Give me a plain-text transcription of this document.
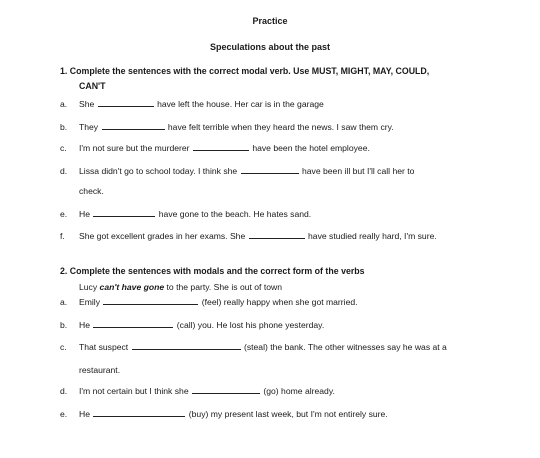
Practice
Speculations about the past
1. Complete the sentences with the correct modal verb. Use MUST, MIGHT, MAY, COULD,
CAN'T
a. She	have left the house. Her car is in the garage
b. They	have felt terrible when they heard the news. I saw them cry.
c. I'm not sure but the murderer	have been the hotel employee.
d. Lissa didn't go to school today. I think she	have been ill but I'll call her to
check.
e. He	have gone to the beach. He hates sand.
f. She got excellent grades in her exams. She	have studied really hard, I'm sure.
2. Complete the sentences with modals and the correct form of the verbs
Lucy can't have gone to the party. She is out of town
a. Emily	(feel) really happy when she got married.
b. He	(call) you. He lost his phone yesterday.
c. That suspect	(steal) the bank. The other witnesses say he was at a
restaurant.
d. I'm not certain but I think she	(go) home already.
e. He	(buy) my present last week, but I'm not entirely sure.
